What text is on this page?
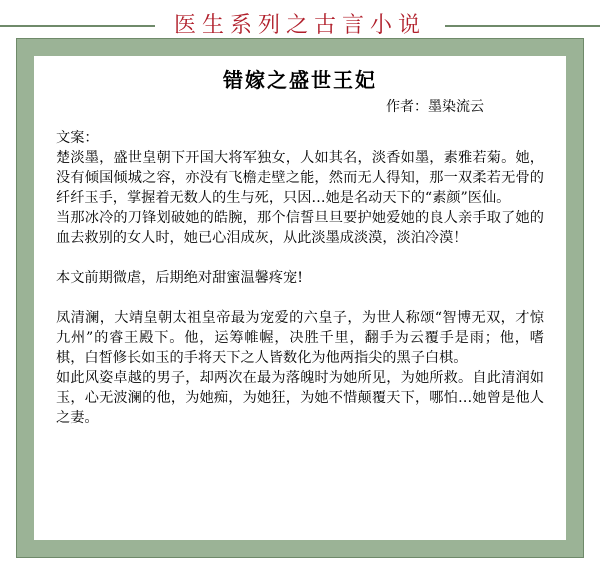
医生系列之古言小说
错嫁之盛世王妃
作者：墨染流云

文案：

楚淡墨，盛世皇朝下开国大将军独女，人如其名，淡香如墨，素雅若菊。她，没有倾国倾城之容，亦没有飞檐走壁之能，然而无人得知，那一双柔若无骨的纤纤玉手，掌握着无数人的生与死，只因…她是名动天下的“素颜”医仙。

当那冰冷的刀锋划破她的皓腕，那个信誓旦旦要护她爱她的良人亲手取了她的血去救别的女人时，她已心泪成灰，从此淡墨成淡漠，淡泊冷漠！

本文前期微虐，后期绝对甜蜜温馨疼宠!

凤清澜，大靖皇朝太祖皇帝最为宠爱的六皇子，为世人称颂“智博无双，才惊九州”的睿王殿下。他，运筹帷幄，决胜千里，翻手为云覆手是雨；他，嗜棋，白皙修长如玉的手将天下之人皆数化为他两指尖的黑子白棋。

如此风姿卓越的男子，却两次在最为落魄时为她所见，为她所救。自此清润如玉，心无波澜的他，为她痴，为她狂，为她不惜颠覆天下，哪怕…她曾是他人之妻。
